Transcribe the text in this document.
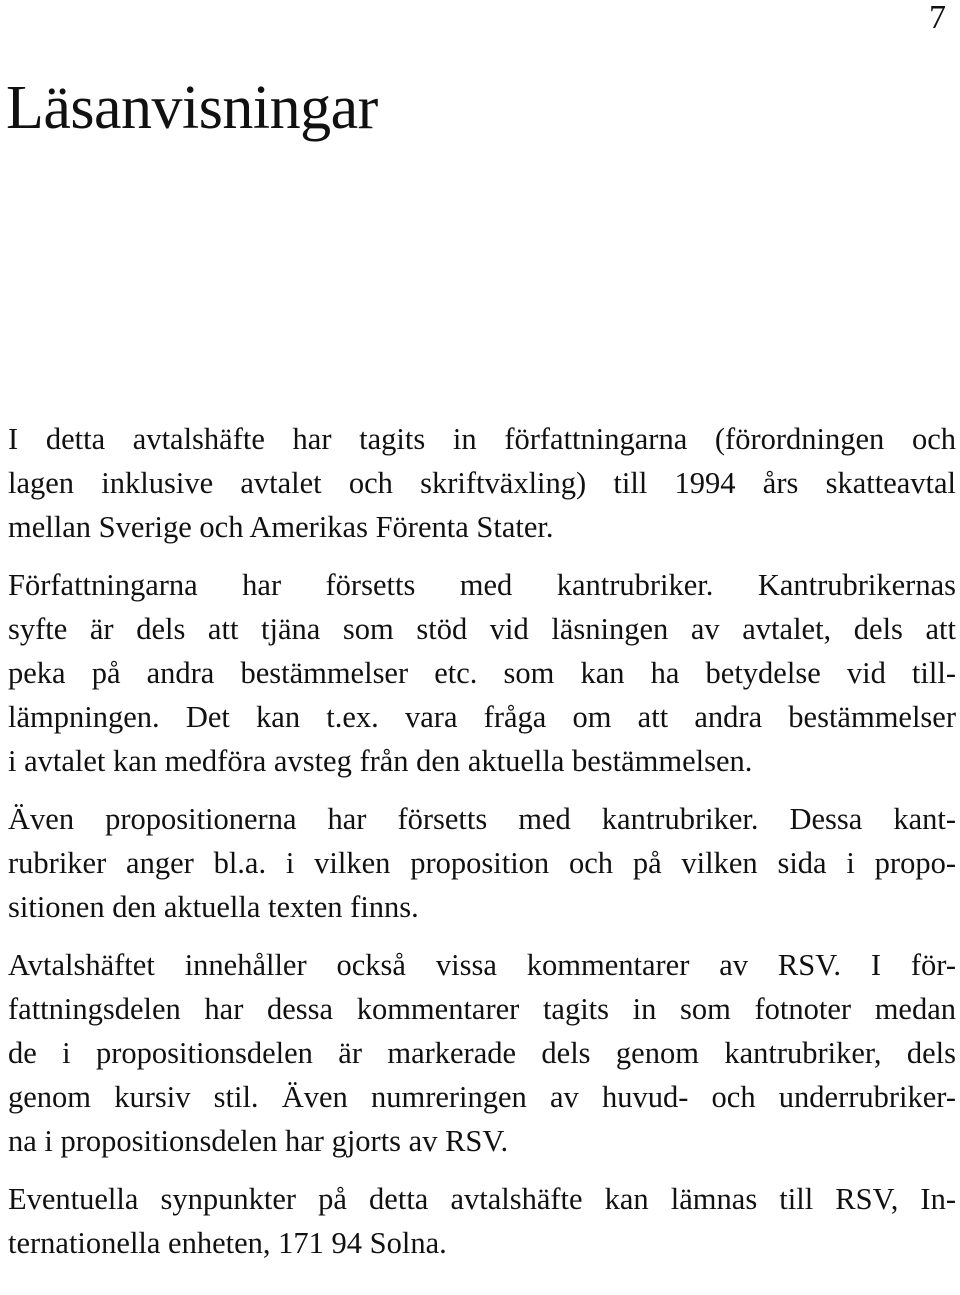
7
Läsanvisningar

I detta avtalshäfte har tagits in författningarna (förordningen och
lagen inklusive avtalet och skriftväxling) till 1994 års skatteavtal
mellan Sverige och Amerikas Förenta Stater.

Författningarna har försetts med kantrubriker. Kantrubrikernas
syfte är dels att tjäna som stöd vid läsningen av avtalet, dels att
peka på andra bestämmelser etc. som kan ha betydelse vid till-
lämpningen. Det kan t.ex. vara fråga om att andra bestämmelser
i avtalet kan medföra avsteg från den aktuella bestämmelsen.

Även propositionerna har försetts med kantrubriker. Dessa kant-
rubriker anger bl.a. i vilken proposition och på vilken sida i propo-
sitionen den aktuella texten finns.

Avtalshäftet innehåller också vissa kommentarer av RSV. I för-
fattningsdelen har dessa kommentarer tagits in som fotnoter medan
de i propositionsdelen är markerade dels genom kantrubriker, dels
genom kursiv stil. Även numreringen av huvud- och underrubriker-
na i propositionsdelen har gjorts av RSV.

Eventuella synpunkter på detta avtalshäfte kan lämnas till RSV, In-
ternationella enheten, 171 94 Solna.
